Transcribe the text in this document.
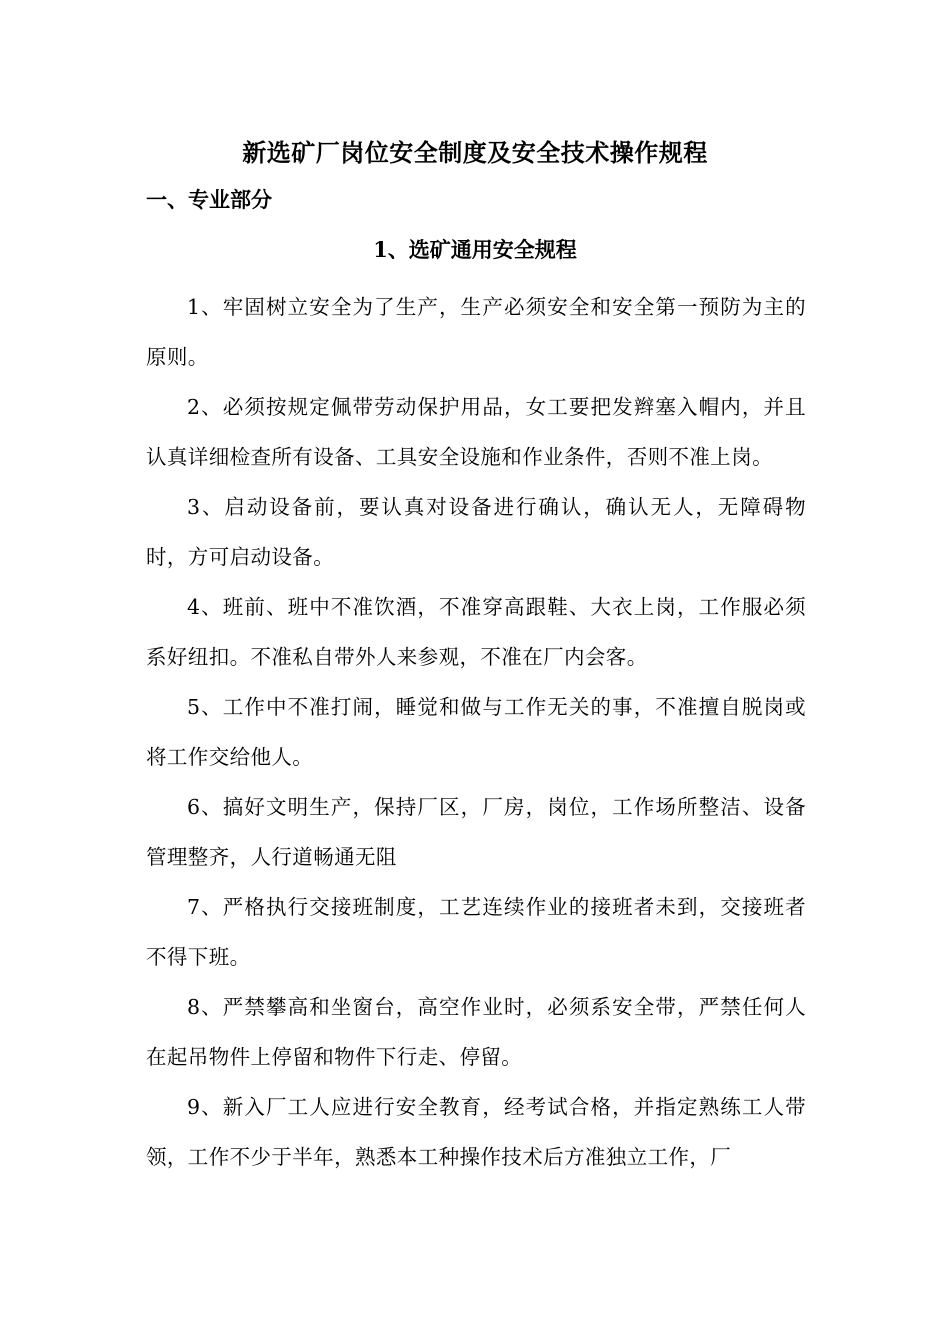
新选矿厂岗位安全制度及安全技术操作规程
一、专业部分
1、选矿通用安全规程
1、牢固树立安全为了生产，生产必须安全和安全第一预防为主的原则。
2、必须按规定佩带劳动保护用品，女工要把发辫塞入帽内，并且认真详细检查所有设备、工具安全设施和作业条件，否则不准上岗。
3、启动设备前，要认真对设备进行确认，确认无人，无障碍物时，方可启动设备。
4、班前、班中不准饮酒，不准穿高跟鞋、大衣上岗，工作服必须系好纽扣。不准私自带外人来参观，不准在厂内会客。
5、工作中不准打闹，睡觉和做与工作无关的事，不准擅自脱岗或将工作交给他人。
6、搞好文明生产，保持厂区，厂房，岗位，工作场所整洁、设备管理整齐，人行道畅通无阻
7、严格执行交接班制度，工艺连续作业的接班者未到，交接班者不得下班。
8、严禁攀高和坐窗台，高空作业时，必须系安全带，严禁任何人在起吊物件上停留和物件下行走、停留。
9、新入厂工人应进行安全教育，经考试合格，并指定熟练工人带领，工作不少于半年，熟悉本工种操作技术后方准独立工作，厂
